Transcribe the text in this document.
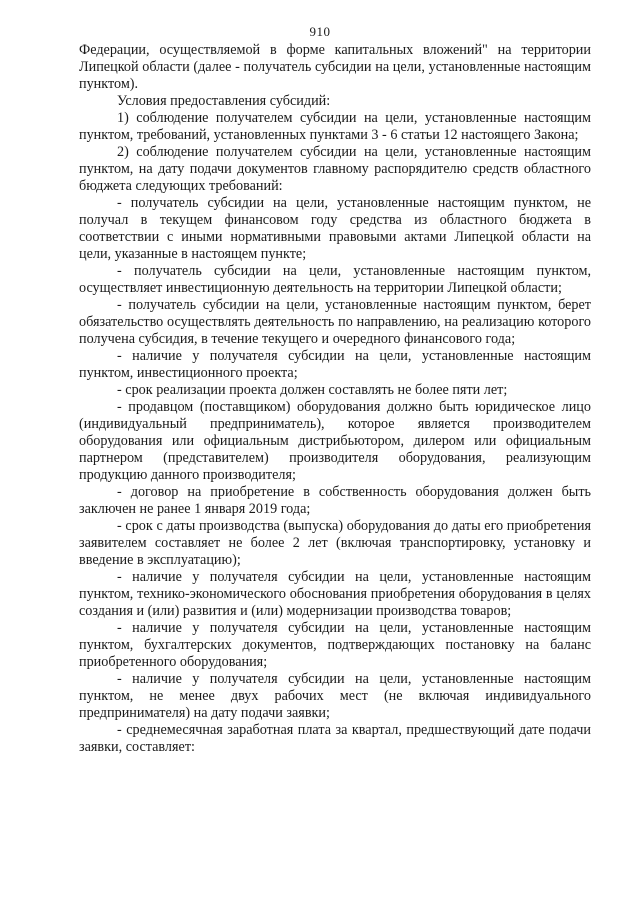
910

Федерации, осуществляемой в форме капитальных вложений" на территории Липецкой области (далее - получатель субсидии на цели, установленные настоящим пунктом).

Условия предоставления субсидий:

1) соблюдение получателем субсидии на цели, установленные настоящим пунктом, требований, установленных пунктами 3 - 6 статьи 12 настоящего Закона;

2) соблюдение получателем субсидии на цели, установленные настоящим пунктом, на дату подачи документов главному распорядителю средств областного бюджета следующих требований:

- получатель субсидии на цели, установленные настоящим пунктом, не получал в текущем финансовом году средства из областного бюджета в соответствии с иными нормативными правовыми актами Липецкой области на цели, указанные в настоящем пункте;

- получатель субсидии на цели, установленные настоящим пунктом, осуществляет инвестиционную деятельность на территории Липецкой области;

- получатель субсидии на цели, установленные настоящим пунктом, берет обязательство осуществлять деятельность по направлению, на реализацию которого получена субсидия, в течение текущего и очередного финансового года;

- наличие у получателя субсидии на цели, установленные настоящим пунктом, инвестиционного проекта;

- срок реализации проекта должен составлять не более пяти лет;

- продавцом (поставщиком) оборудования должно быть юридическое лицо (индивидуальный предприниматель), которое является производителем оборудования или официальным дистрибьютором, дилером или официальным партнером (представителем) производителя оборудования, реализующим продукцию данного производителя;

- договор на приобретение в собственность оборудования должен быть заключен не ранее 1 января 2019 года;

- срок с даты производства (выпуска) оборудования до даты его приобретения заявителем составляет не более 2 лет (включая транспортировку, установку и введение в эксплуатацию);

- наличие у получателя субсидии на цели, установленные настоящим пунктом, технико-экономического обоснования приобретения оборудования в целях создания и (или) развития и (или) модернизации производства товаров;

- наличие у получателя субсидии на цели, установленные настоящим пунктом, бухгалтерских документов, подтверждающих постановку на баланс приобретенного оборудования;

- наличие у получателя субсидии на цели, установленные настоящим пунктом, не менее двух рабочих мест (не включая индивидуального предпринимателя) на дату подачи заявки;

- среднемесячная заработная плата за квартал, предшествующий дате подачи заявки, составляет:
